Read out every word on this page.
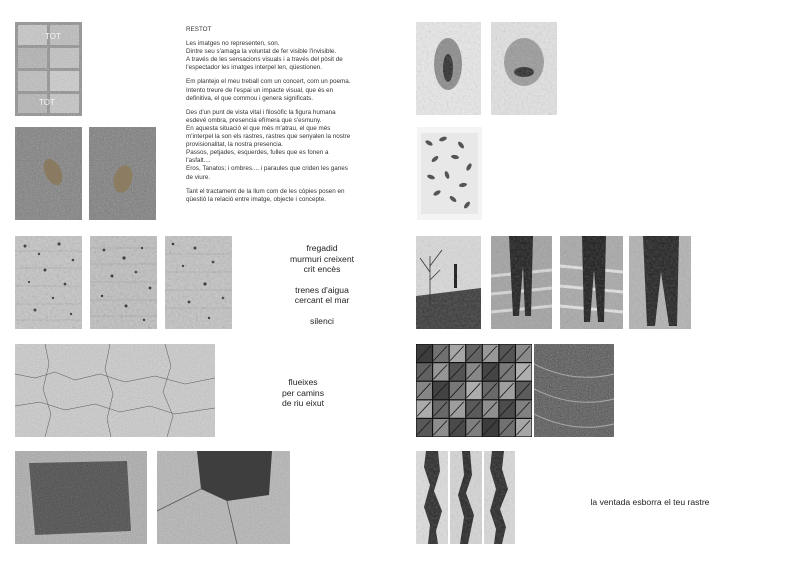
TOT
TOT

RESTOT

Les imatges no representen, son.
Dintre seu s'amaga la voluntat de fer visible l'invisible.
A través de les sensacions visuals i a través del pòsit de
l'espectador les imatges interpel len, qüestionen.

Em plantejo el meu treball com un concert, com un poema.
Intento treure de l'espai un impacte visual, que és en
definitiva, el que commou i genera significats.

Des d'un punt de vista vital i filosòfic la figura humana
esdevé ombra, presencia efímera que s'esmuny.
En aquesta situació el que més m'atrau, el que més
m'interpel la son els rastres, rastres que senyalen la nostre
provisionalitat, la nostra presencia.
Passos, petjades, esquerdes, fulles que es fonen a
l'asfalt....
Eros, Tanatos; i ombres.... i paraules que criden les ganes
de viure.

Tant el tractament de la llum com de les còpies posen en
qüestió la relació entre imatge, objecte i concepte.

fregadid
murmuri creixent
crit encès
trenes d'aigua
cercant el mar
silenci
flueixes
per camins
de riu eixut
la ventada esborra el teu rastre
